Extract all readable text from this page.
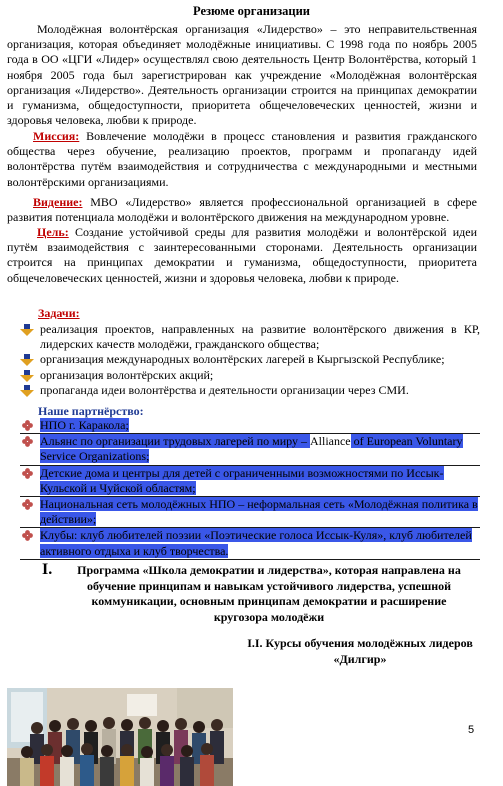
Резюме организации
Молодёжная волонтёрская организация «Лидерство» – это неправительственная организация, которая объединяет молодёжные инициативы. С 1998 года по ноябрь 2005 года в ОО «ЦГИ «Лидер» осуществлял свою деятельность Центр Волонтёрства, который 1 ноября 2005 года был зарегистрирован как учреждение «Молодёжная волонтёрская организация «Лидерство». Деятельность организации строится на принципах демократии и гуманизма, общедоступности, приоритета общечеловеческих ценностей, жизни и здоровья человека, любви к природе.
Миссия: Вовлечение молодёжи в процесс становления и развития гражданского общества через обучение, реализацию проектов, программ и пропаганду идей волонтёрства путём взаимодействия и сотрудничества с международными и местными волонтёрскими организациями.
Видение: МВО «Лидерство» является профессиональной организацией в сфере развития потенциала молодёжи и волонтёрского движения на международном уровне.
Цель: Создание устойчивой среды для развития молодёжи и волонтёрской идеи путём взаимодействия с заинтересованными сторонами. Деятельность организации строится на принципах демократии и гуманизма, общедоступности, приоритета общечеловеческих ценностей, жизни и здоровья человека, любви к природе.
Задачи:
реализация проектов, направленных на развитие волонтёрского движения в КР, лидерских качеств молодёжи, гражданского общества;
организация международных волонтёрских лагерей в Кыргызской Республике;
организация волонтёрских акций;
пропаганда идеи волонтёрства и деятельности организации через СМИ.
Наше партнёрство:
НПО г. Каракола;
Альянс по организации трудовых лагерей по миру – Alliance of European Voluntary Service Organizations;
Детские дома и центры для детей с ограниченными возможностями по Иссык-Кульской и Чуйской областям;
Национальная сеть молодёжных НПО – неформальная сеть «Молодёжная политика в действии»;
Клубы: клуб любителей поэзии «Поэтические голоса Иссык-Куля», клуб любителей активного отдыха и клуб творчества.
I.	Программа «Школа демократии и лидерства», которая направлена на обучение принципам и навыкам устойчивого лидерства, успешной коммуникации, основным принципам демократии и расширение кругозора молодёжи
I.I. Курсы обучения молодёжных лидеров «Дилгир»
5
